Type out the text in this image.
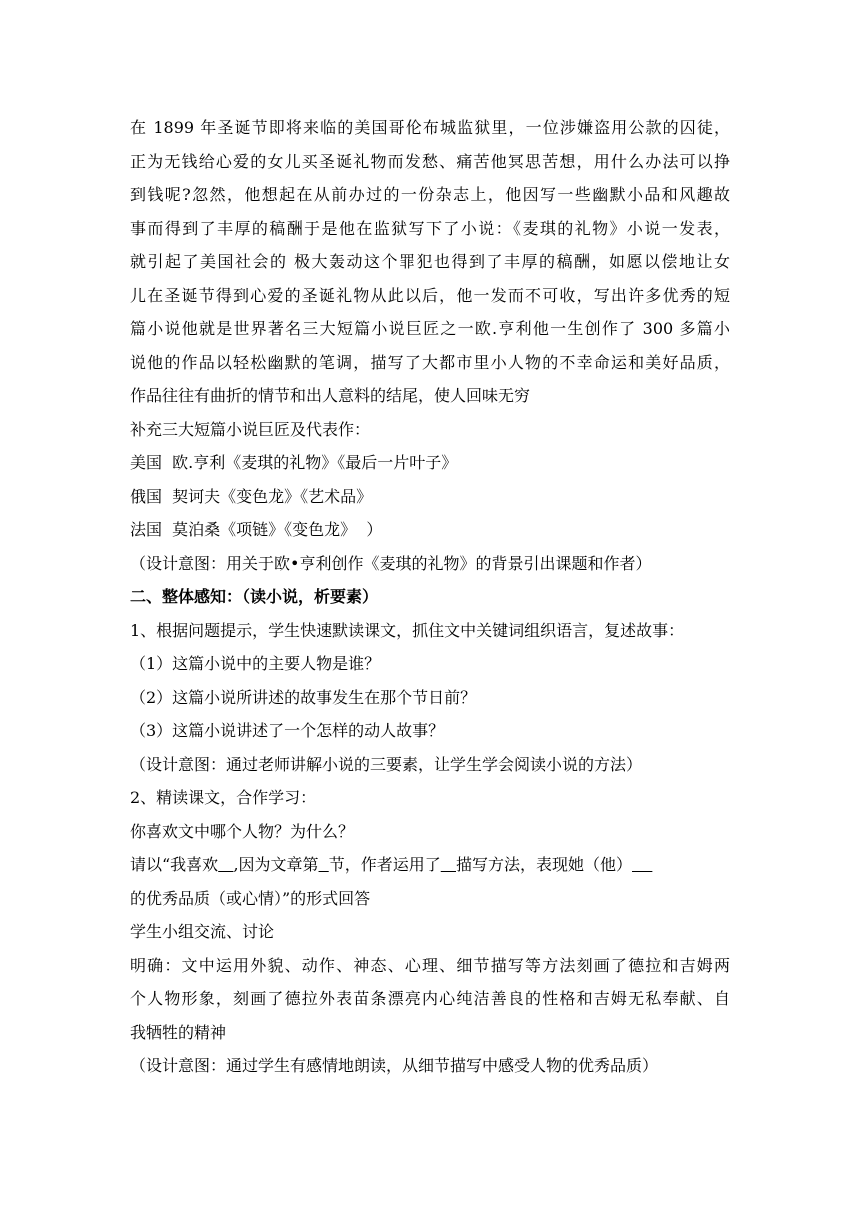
在 1899 年圣诞节即将来临的美国哥伦布城监狱里，一位涉嫌盗用公款的囚徒，
正为无钱给心爱的女儿买圣诞礼物而发愁、痛苦他冥思苦想，用什么办法可以挣
到钱呢?忽然，他想起在从前办过的一份杂志上，他因写一些幽默小品和风趣故
事而得到了丰厚的稿酬于是他在监狱写下了小说：《麦琪的礼物》小说一发表，
就引起了美国社会的 极大轰动这个罪犯也得到了丰厚的稿酬，如愿以偿地让女
儿在圣诞节得到心爱的圣诞礼物从此以后，他一发而不可收，写出许多优秀的短
篇小说他就是世界著名三大短篇小说巨匠之一欧.亨利他一生创作了 300 多篇小
说他的作品以轻松幽默的笔调，描写了大都市里小人物的不幸命运和美好品质，
作品往往有曲折的情节和出人意料的结尾，使人回味无穷
补充三大短篇小说巨匠及代表作：
美国  欧.亨利《麦琪的礼物》《最后一片叶子》
俄国  契诃夫《变色龙》《艺术品》
法国  莫泊桑《项链》《变色龙》  ）
（设计意图：用关于欧•亨利创作《麦琪的礼物》的背景引出课题和作者）
二、整体感知：（读小说，析要素）
1、根据问题提示，学生快速默读课文，抓住文中关键词组织语言，复述故事：
（1）这篇小说中的主要人物是谁？
（2）这篇小说所讲述的故事发生在那个节日前？
（3）这篇小说讲述了一个怎样的动人故事？
（设计意图：通过老师讲解小说的三要素，让学生学会阅读小说的方法）
2、精读课文，合作学习：
你喜欢文中哪个人物？为什么？
请以“我喜欢 ,因为文章第 节，作者运用了 描写方法，表现她（他）
的优秀品质（或心情）”的形式回答
学生小组交流、讨论
明确：文中运用外貌、动作、神态、心理、细节描写等方法刻画了德拉和吉姆两
个人物形象，刻画了德拉外表苗条漂亮内心纯洁善良的性格和吉姆无私奉献、自
我牺牲的精神
（设计意图：通过学生有感情地朗读，从细节描写中感受人物的优秀品质）
